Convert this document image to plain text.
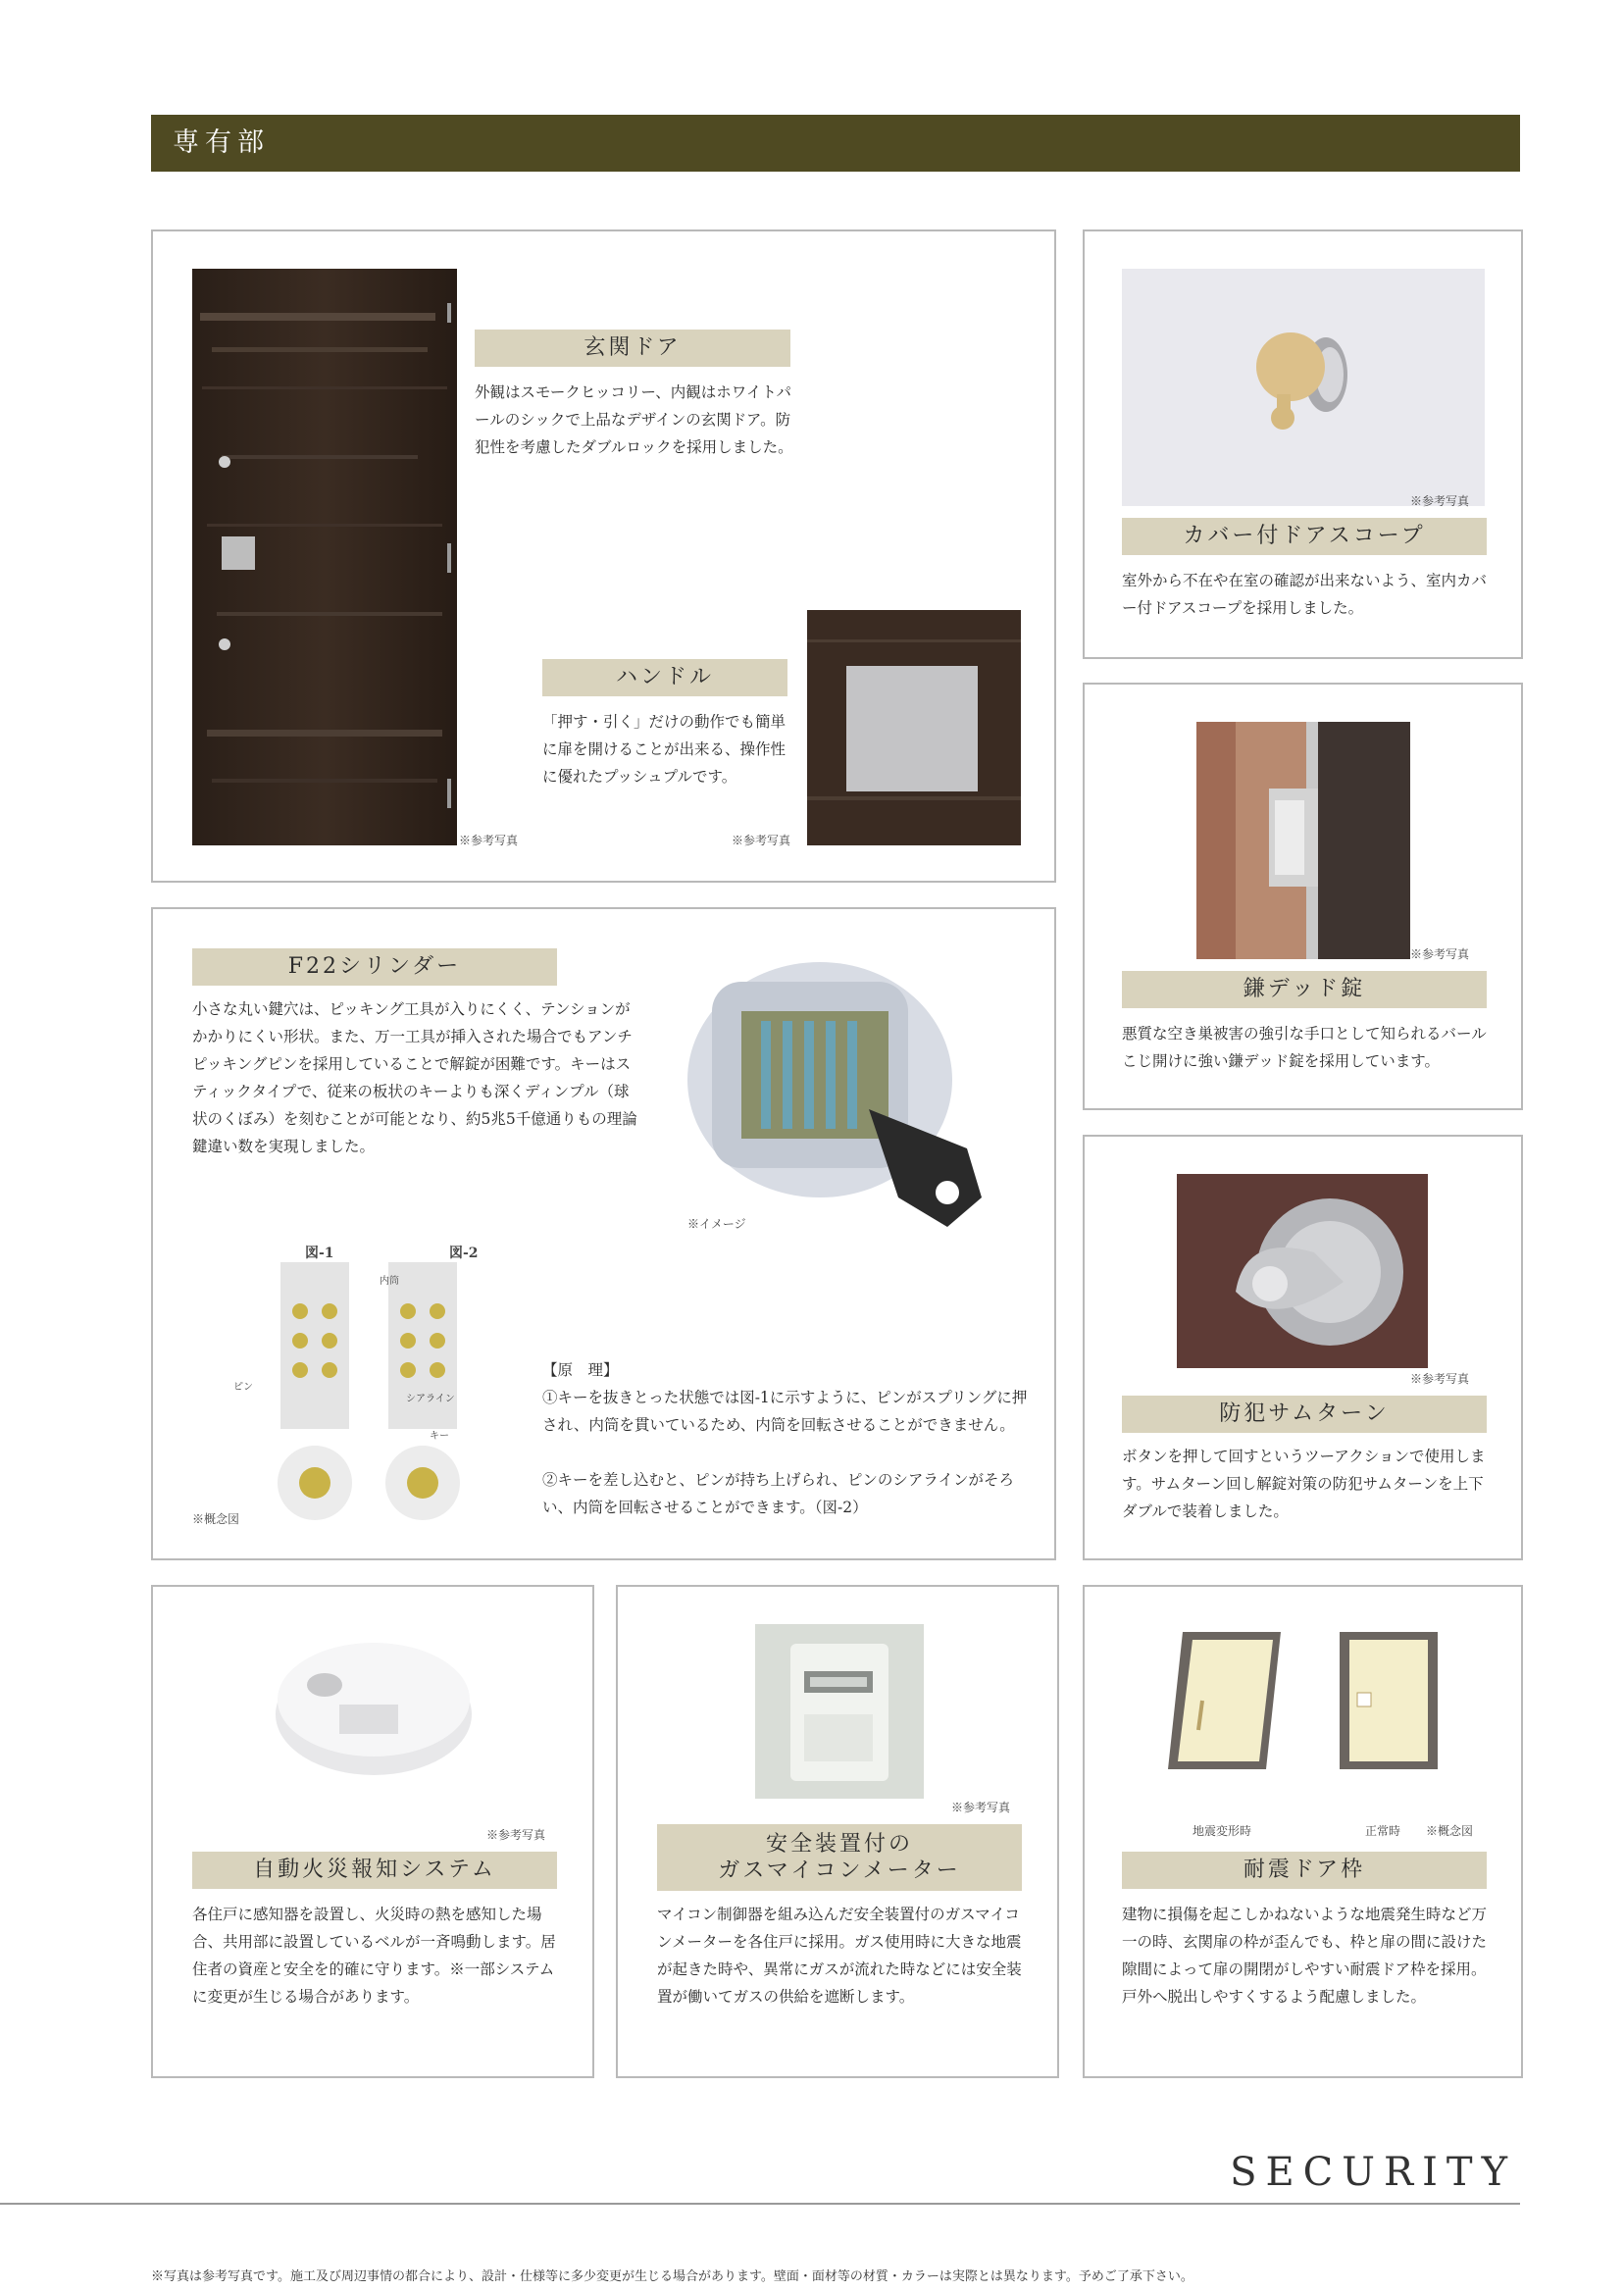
専有部
※参考写真
玄関ドア
外観はスモークヒッコリー、内観はホワイトパールのシックで上品なデザインの玄関ドア。防犯性を考慮したダブルロックを採用しました。
ハンドル
「押す・引く」だけの動作でも簡単に扉を開けることが出来る、操作性に優れたプッシュプルです。
※参考写真
※参考写真
カバー付ドアスコープ
室外から不在や在室の確認が出来ないよう、室内カバー付ドアスコープを採用しました。
※参考写真
鎌デッド錠
悪質な空き巣被害の強引な手口として知られるバールこじ開けに強い鎌デッド錠を採用しています。
F22シリンダー
小さな丸い鍵穴は、ピッキング工具が入りにくく、テンションがかかりにくい形状。また、万一工具が挿入された場合でもアンチピッキングピンを採用していることで解錠が困難です。キーはスティックタイプで、従来の板状のキーよりも深くディンプル（球状のくぼみ）を刻むことが可能となり、約5兆5千億通りもの理論鍵違い数を実現しました。
※イメージ
図-1	図-2
内筒
ピン
シアライン
キー
※概念図
【原　理】
①キーを抜きとった状態では図-1に示すように、ピンがスプリングに押され、内筒を貫いているため、内筒を回転させることができません。
②キーを差し込むと、ピンが持ち上げられ、ピンのシアラインがそろい、内筒を回転させることができます。（図-2）
※参考写真
防犯サムターン
ボタンを押して回すというツーアクションで使用します。サムターン回し解錠対策の防犯サムターンを上下ダブルで装着しました。
※参考写真
自動火災報知システム
各住戸に感知器を設置し、火災時の熱を感知した場合、共用部に設置しているベルが一斉鳴動します。居住者の資産と安全を的確に守ります。※一部システムに変更が生じる場合があります。
※参考写真
安全装置付の
ガスマイコンメーター
マイコン制御器を組み込んだ安全装置付のガスマイコンメーターを各住戸に採用。ガス使用時に大きな地震が起きた時や、異常にガスが流れた時などには安全装置が働いてガスの供給を遮断します。
地震変形時	正常時 ※概念図
耐震ドア枠
建物に損傷を起こしかねないような地震発生時など万一の時、玄関扉の枠が歪んでも、枠と扉の間に設けた隙間によって扉の開閉がしやすい耐震ドア枠を採用。戸外へ脱出しやすくするよう配慮しました。
SECURITY
※写真は参考写真です。施工及び周辺事情の都合により、設計・仕様等に多少変更が生じる場合があります。壁面・面材等の材質・カラーは実際とは異なります。予めご了承下さい。
